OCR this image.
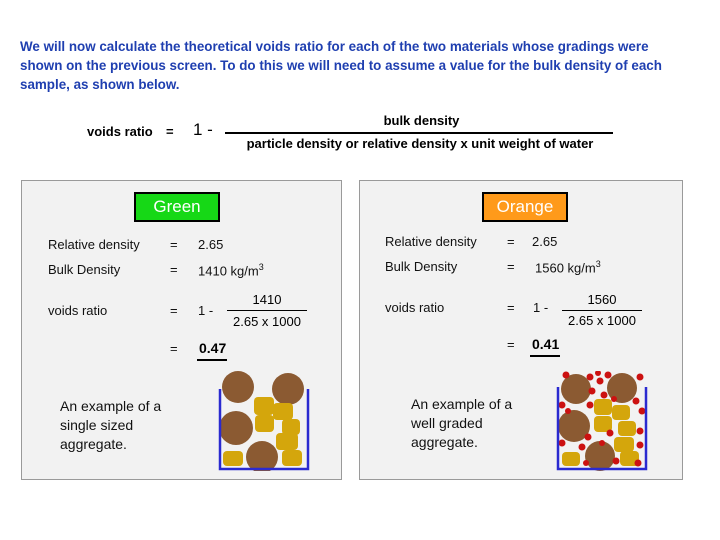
We will now calculate the theoretical voids ratio for each of the two materials whose gradings were shown on the previous screen. To do this we will need to assume a value for the bulk density of each sample, as shown below.

voids ratio = 1 -	bulk density
particle density or relative density x unit weight of water
Green
Relative density = 2.65
Bulk Density	= 1410 $kg/m^3$
voids ratio	= 1 -
1410
2.65 x 1000
= 0.47
An example of a single sized aggregate.
Orange
Relative density = 2.65
Bulk Density	= 1560 $kg/m^3$
voids ratio	= 1 -
1560
2.65 x 1000
= 0.41
An example of a well graded aggregate.
